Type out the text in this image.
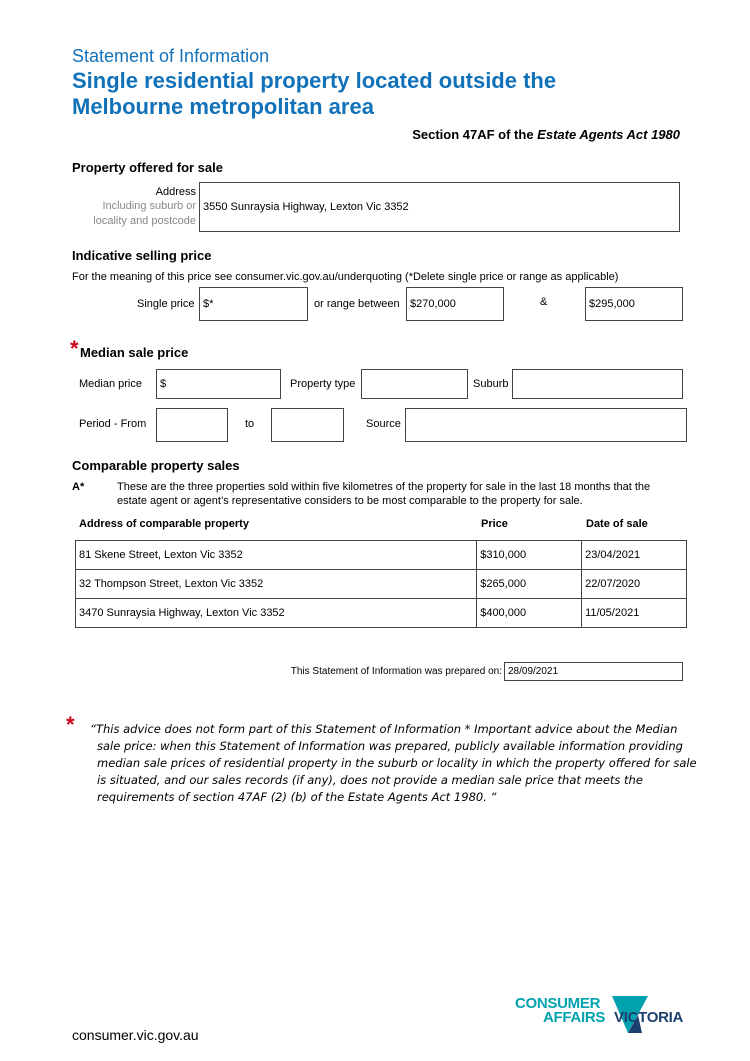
Statement of Information
Single residential property located outside the
Melbourne metropolitan area
Section 47AF of the Estate Agents Act 1980
Property offered for sale
Address
Including suburb or
locality and postcode
3550 Sunraysia Highway, Lexton Vic 3352
Indicative selling price
For the meaning of this price see consumer.vic.gov.au/underquoting (*Delete single price or range as applicable)
Single price $*	or range between $270,000	&	$295,000
* Median sale price
Median price	$	Property type	Suburb
Period - From	to	Source
Comparable property sales
A*	These are the three properties sold within five kilometres of the property for sale in the last 18 months that the
estate agent or agent’s representative considers to be most comparable to the property for sale.
Address of comparable property	Price	Date of sale
81 Skene Street, Lexton Vic 3352	$310,000	23/04/2021
32 Thompson Street, Lexton Vic 3352	$265,000	22/07/2020
3470 Sunraysia Highway, Lexton Vic 3352	$400,000	11/05/2021
This Statement of Information was prepared on: 28/09/2021
* “This advice does not form part of this Statement of Information * Important advice about the Median
sale price: when this Statement of Information was prepared, publicly available information providing
median sale prices of residential property in the suburb or locality in which the property offered for sale
is situated, and our sales records (if any), does not provide a median sale price that meets the
requirements of section 47AF (2) (b) of the Estate Agents Act 1980. “
consumer.vic.gov.au
CONSUMER
AFFAIRS VICTORIA
